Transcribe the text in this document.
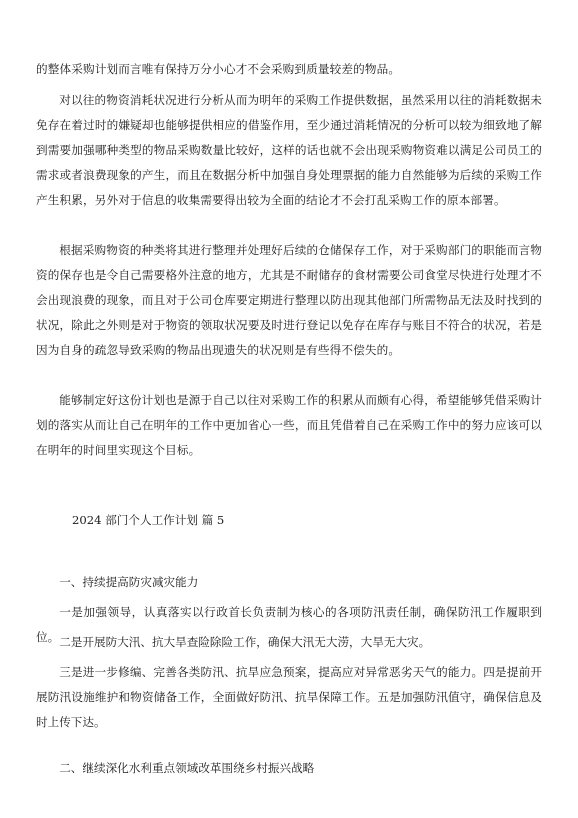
的整体采购计划而言唯有保持万分小心才不会采购到质量较差的物品。

对以往的物资消耗状况进行分析从而为明年的采购工作提供数据，虽然采用以往的消耗数据未免存在着过时的嫌疑却也能够提供相应的借鉴作用，至少通过消耗情况的分析可以较为细致地了解到需要加强哪种类型的物品采购数量比较好，这样的话也就不会出现采购物资难以满足公司员工的需求或者浪费现象的产生，而且在数据分析中加强自身处理票据的能力自然能够为后续的采购工作产生积累，另外对于信息的收集需要得出较为全面的结论才不会打乱采购工作的原本部署。

根据采购物资的种类将其进行整理并处理好后续的仓储保存工作，对于采购部门的职能而言物资的保存也是令自己需要格外注意的地方，尤其是不耐储存的食材需要公司食堂尽快进行处理才不会出现浪费的现象，而且对于公司仓库要定期进行整理以防出现其他部门所需物品无法及时找到的状况，除此之外则是对于物资的领取状况要及时进行登记以免存在库存与账目不符合的状况，若是因为自身的疏忽导致采购的物品出现遗失的状况则是有些得不偿失的。

能够制定好这份计划也是源于自己以往对采购工作的积累从而颇有心得，希望能够凭借采购计划的落实从而让自己在明年的工作中更加省心一些，而且凭借着自己在采购工作中的努力应该可以在明年的时间里实现这个目标。

2024 部门个人工作计划 篇 5

一、持续提高防灾减灾能力

一是加强领导，认真落实以行政首长负责制为核心的各项防汛责任制，确保防汛工作履职到位。 二是开展防大汛、抗大旱查险除险工作，确保大汛无大涝，大旱无大灾。

三是进一步修编、完善各类防汛、抗旱应急预案，提高应对异常恶劣天气的能力。四是提前开展防汛设施维护和物资储备工作，全面做好防汛、抗旱保障工作。五是加强防汛值守，确保信息及时上传下达。

二、继续深化水利重点领域改革围绕乡村振兴战略
